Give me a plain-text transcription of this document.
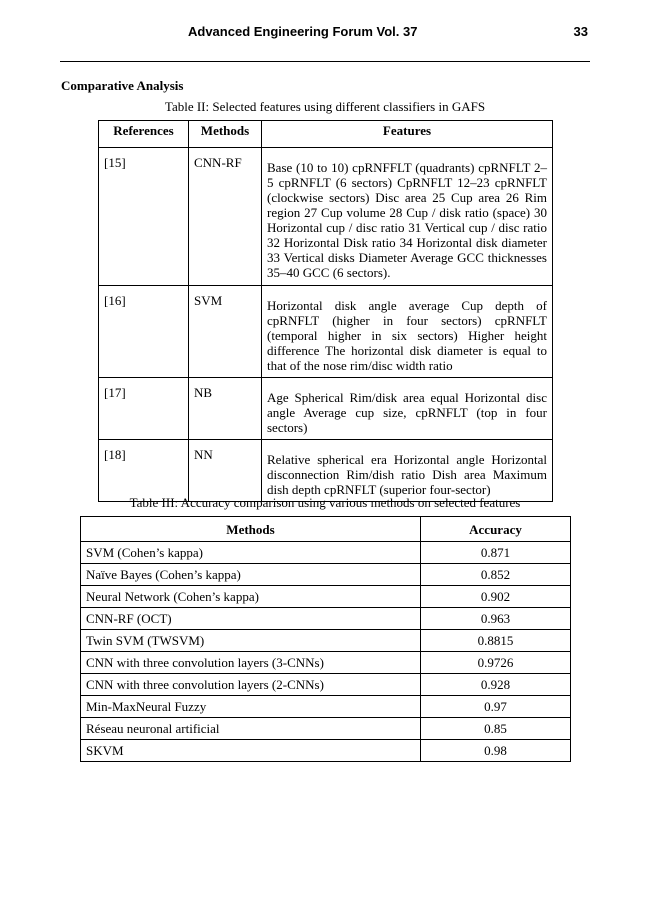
Advanced Engineering Forum Vol. 37	33
Comparative Analysis
Table II: Selected features using different classifiers in GAFS
References	Methods	Features
[15]	CNN-RF	Base (10 to 10) cpRNFFLT (quadrants) cpRNFLT 2–5 cpRNFLT (6 sectors) CpRNFLT 12–23 cpRNFLT (clockwise sectors) Disc area 25 Cup area 26 Rim region 27 Cup volume 28 Cup / disk ratio (space) 30 Horizontal cup / disc ratio 31 Vertical cup / disc ratio 32 Horizontal Disk ratio 34 Horizontal disk diameter 33 Vertical disks Diameter Average GCC thicknesses 35–40 GCC (6 sectors).
[16]	SVM	Horizontal disk angle average Cup depth of cpRNFLT (higher in four sectors) cpRNFLT (temporal higher in six sectors) Higher height difference The horizontal disk diameter is equal to that of the nose rim/disc width ratio
[17]	NB	Age Spherical Rim/disk area equal Horizontal disc angle Average cup size, cpRNFLT (top in four sectors)
[18]	NN	Relative spherical era Horizontal angle Horizontal disconnection Rim/dish ratio Dish area Maximum dish depth cpRNFLT (superior four-sector)
Table III: Accuracy comparison using various methods on selected features
Methods	Accuracy
SVM (Cohen’s kappa)	0.871
Naïve Bayes (Cohen’s kappa)	0.852
Neural Network (Cohen’s kappa)	0.902
CNN-RF (OCT)	0.963
Twin SVM (TWSVM)	0.8815
CNN with three convolution layers (3-CNNs)	0.9726
CNN with three convolution layers (2-CNNs)	0.928
Min-MaxNeural Fuzzy	0.97
Réseau neuronal artificial	0.85
SKVM	0.98
